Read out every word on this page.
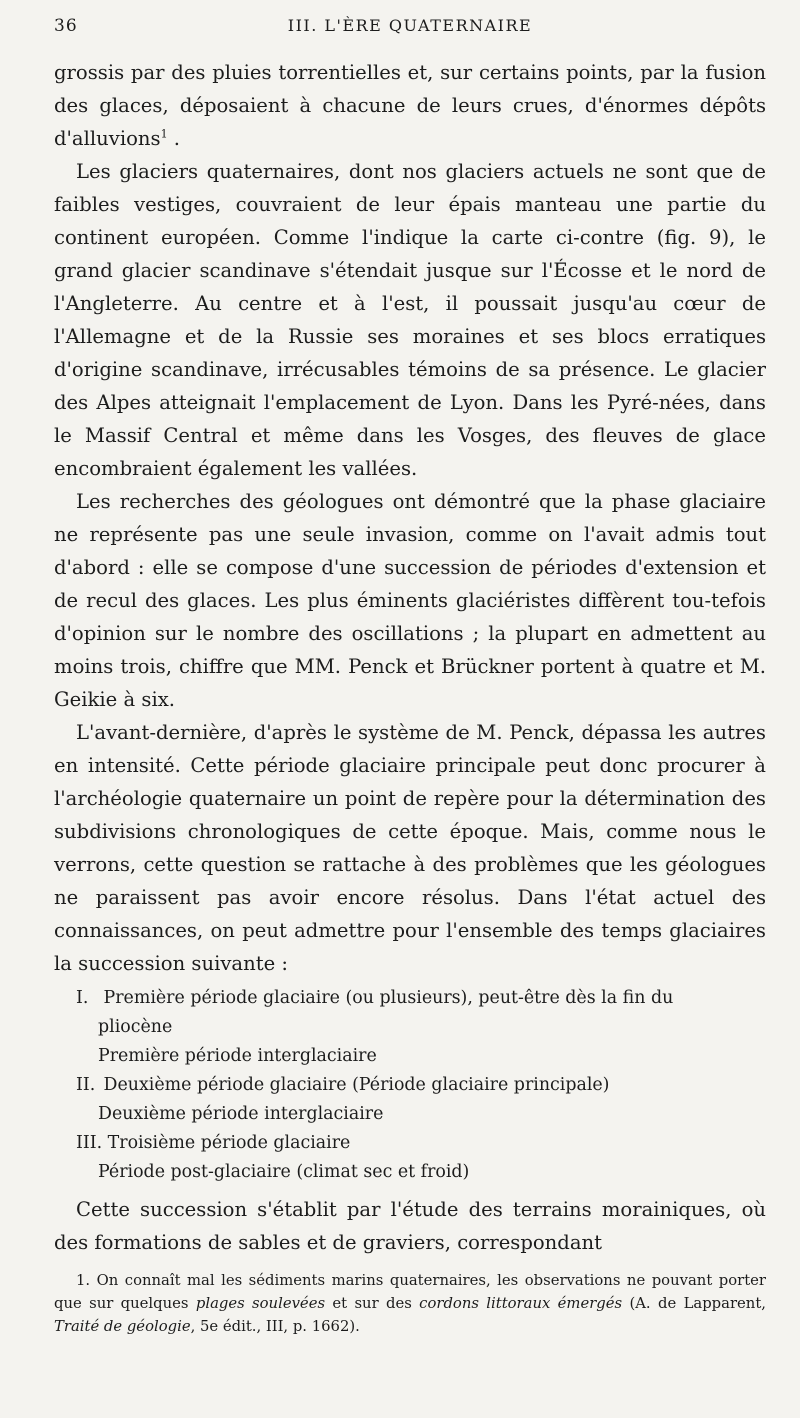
36	III. L'ÈRE QUATERNAIRE

grossis par des pluies torrentielles et, sur certains points, par la fusion des glaces, déposaient à chacune de leurs crues, d'énormes dépôts d'alluvions$^1$ .

Les glaciers quaternaires, dont nos glaciers actuels ne sont que de faibles vestiges, couvraient de leur épais manteau une partie du continent européen. Comme l'indique la carte ci-contre (fig. 9), le grand glacier scandinave s'étendait jusque sur l'Écosse et le nord de l'Angleterre. Au centre et à l'est, il poussait jusqu'au cœur de l'Allemagne et de la Russie ses moraines et ses blocs erratiques d'origine scandinave, irrécusables témoins de sa présence. Le glacier des Alpes atteignait l'emplacement de Lyon. Dans les Pyré-nées, dans le Massif Central et même dans les Vosges, des fleuves de glace encombraient également les vallées.

Les recherches des géologues ont démontré que la phase glaciaire ne représente pas une seule invasion, comme on l'avait admis tout d'abord : elle se compose d'une succession de périodes d'extension et de recul des glaces. Les plus éminents glaciéristes diffèrent tou-tefois d'opinion sur le nombre des oscillations ; la plupart en admettent au moins trois, chiffre que MM. Penck et Brückner portent à quatre et M. Geikie à six.

L'avant-dernière, d'après le système de M. Penck, dépassa les autres en intensité. Cette période glaciaire principale peut donc procurer à l'archéologie quaternaire un point de repère pour la détermination des subdivisions chronologiques de cette époque. Mais, comme nous le verrons, cette question se rattache à des problèmes que les géologues ne paraissent pas avoir encore résolus. Dans l'état actuel des connaissances, on peut admettre pour l'ensemble des temps glaciaires la succession suivante :

I. Première période glaciaire (ou plusieurs), peut-être dès la fin du
pliocène
Première période interglaciaire
II. Deuxième période glaciaire (Période glaciaire principale)
Deuxième période interglaciaire
III. Troisième période glaciaire
Période post-glaciaire (climat sec et froid)

Cette succession s'établit par l'étude des terrains morainiques, où des formations de sables et de graviers, correspondant

1. On connaît mal les sédiments marins quaternaires, les observations ne pouvant porter que sur quelques plages soulevées et sur des cordons littoraux émergés (A. de Lapparent, Traité de géologie, 5e édit., III, p. 1662).
